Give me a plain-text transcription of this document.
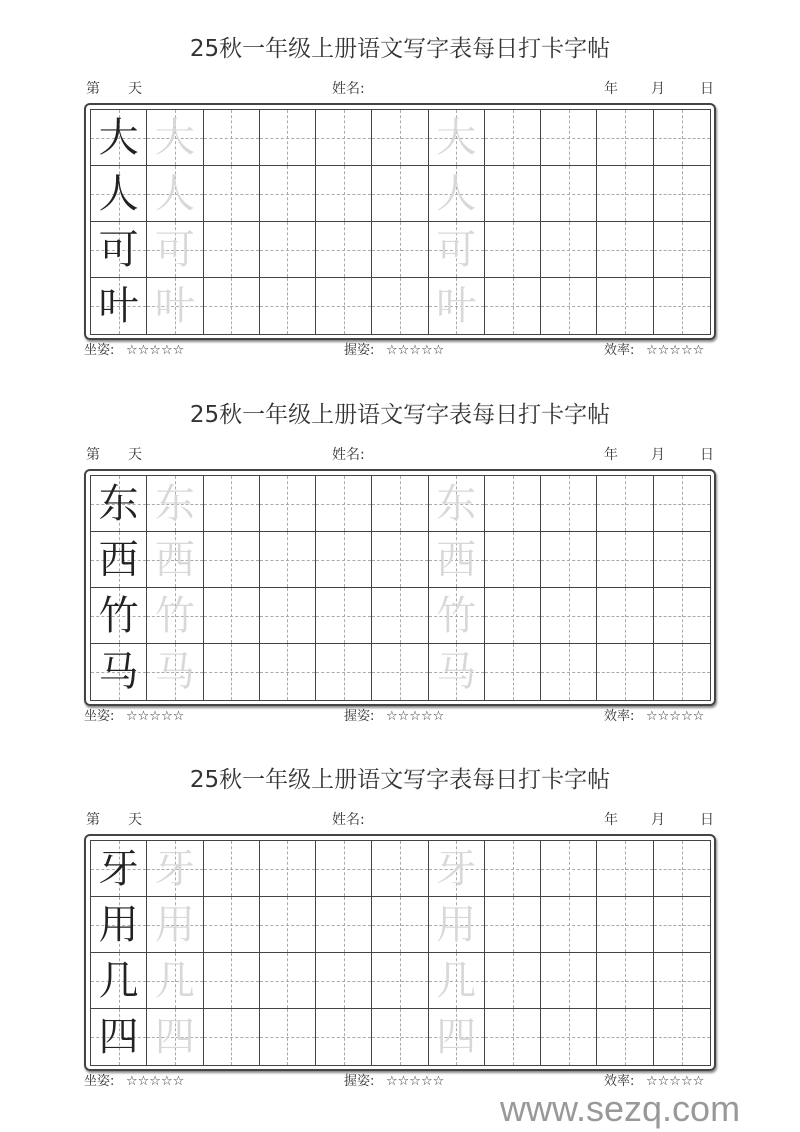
25秋一年级上册语文写字表每日打卡字帖
第 天	姓名:	年 月	日
大 大	大
人 人	人
可 可	可
叶 叶	叶
坐姿: ☆☆☆☆☆	握姿: ☆☆☆☆☆	效率: ☆☆☆☆☆
25秋一年级上册语文写字表每日打卡字帖
第 天	姓名:	年 月	日
东 东	东
西 西	西
竹 竹	竹
马 马	马
坐姿: ☆☆☆☆☆	握姿: ☆☆☆☆☆	效率: ☆☆☆☆☆
25秋一年级上册语文写字表每日打卡字帖
第 天	姓名:	年 月	日
牙 牙	牙
用 用	用
几 几	几
四 四	四
坐姿: ☆☆☆☆☆	握姿: ☆☆☆☆☆	效率: ☆☆☆☆☆
www.sezq.com
